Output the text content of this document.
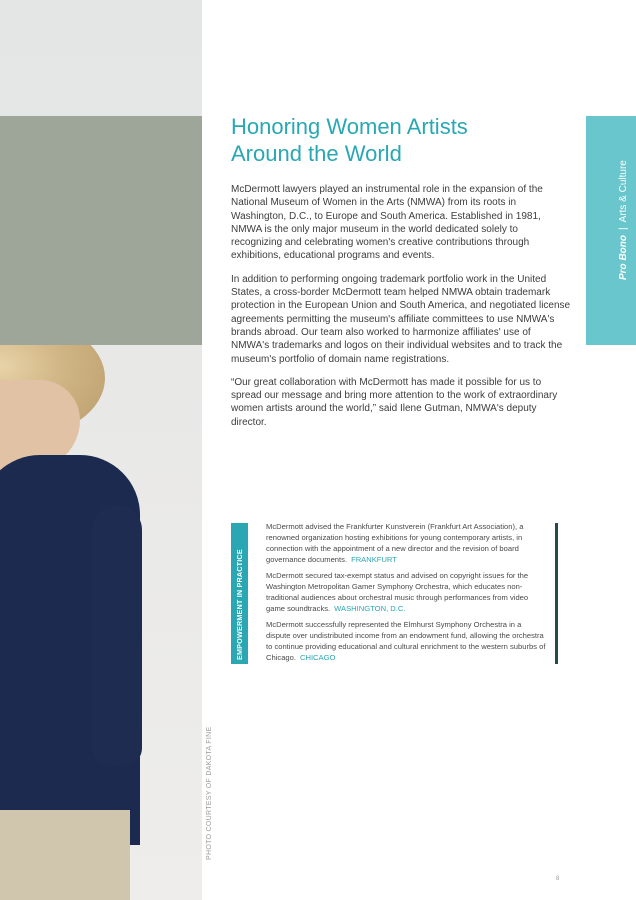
PHOTO COURTESY OF DAKOTA FINE
Pro Bono|Arts & Culture
Honoring Women Artists
Around the World

McDermott lawyers played an instrumental role in the expansion of the National Museum of Women in the Arts (NMWA) from its roots in Washington, D.C., to Europe and South America. Established in 1981, NMWA is the only major museum in the world dedicated solely to recognizing and celebrating women's creative contributions through exhibitions, educational programs and events.

In addition to performing ongoing trademark portfolio work in the United States, a cross-border McDermott team helped NMWA obtain trademark protection in the European Union and South America, and negotiated license agreements permitting the museum's affiliate committees to use NMWA's brands abroad. Our team also worked to harmonize affiliates' use of NMWA's trademarks and logos on their individual websites and to track the museum's portfolio of domain name registrations.

“Our great collaboration with McDermott has made it possible for us to spread our message and bring more attention to the work of extraordinary women artists around the world,” said Ilene Gutman, NMWA's deputy director.

EMPOWERMENT IN PRACTICE

McDermott advised the Frankfurter Kunstverein (Frankfurt Art Association), a renowned organization hosting exhibitions for young contemporary artists, in connection with the appointment of a new director and the revision of board governance documents. FRANKFURT

McDermott secured tax-exempt status and advised on copyright issues for the Washington Metropolitan Gamer Symphony Orchestra, which educates non-traditional audiences about orchestral music through performances from video game soundtracks. WASHINGTON, D.C.

McDermott successfully represented the Elmhurst Symphony Orchestra in a dispute over undistributed income from an endowment fund, allowing the orchestra to continue providing educational and cultural enrichment to the western suburbs of Chicago. CHICAGO

8
